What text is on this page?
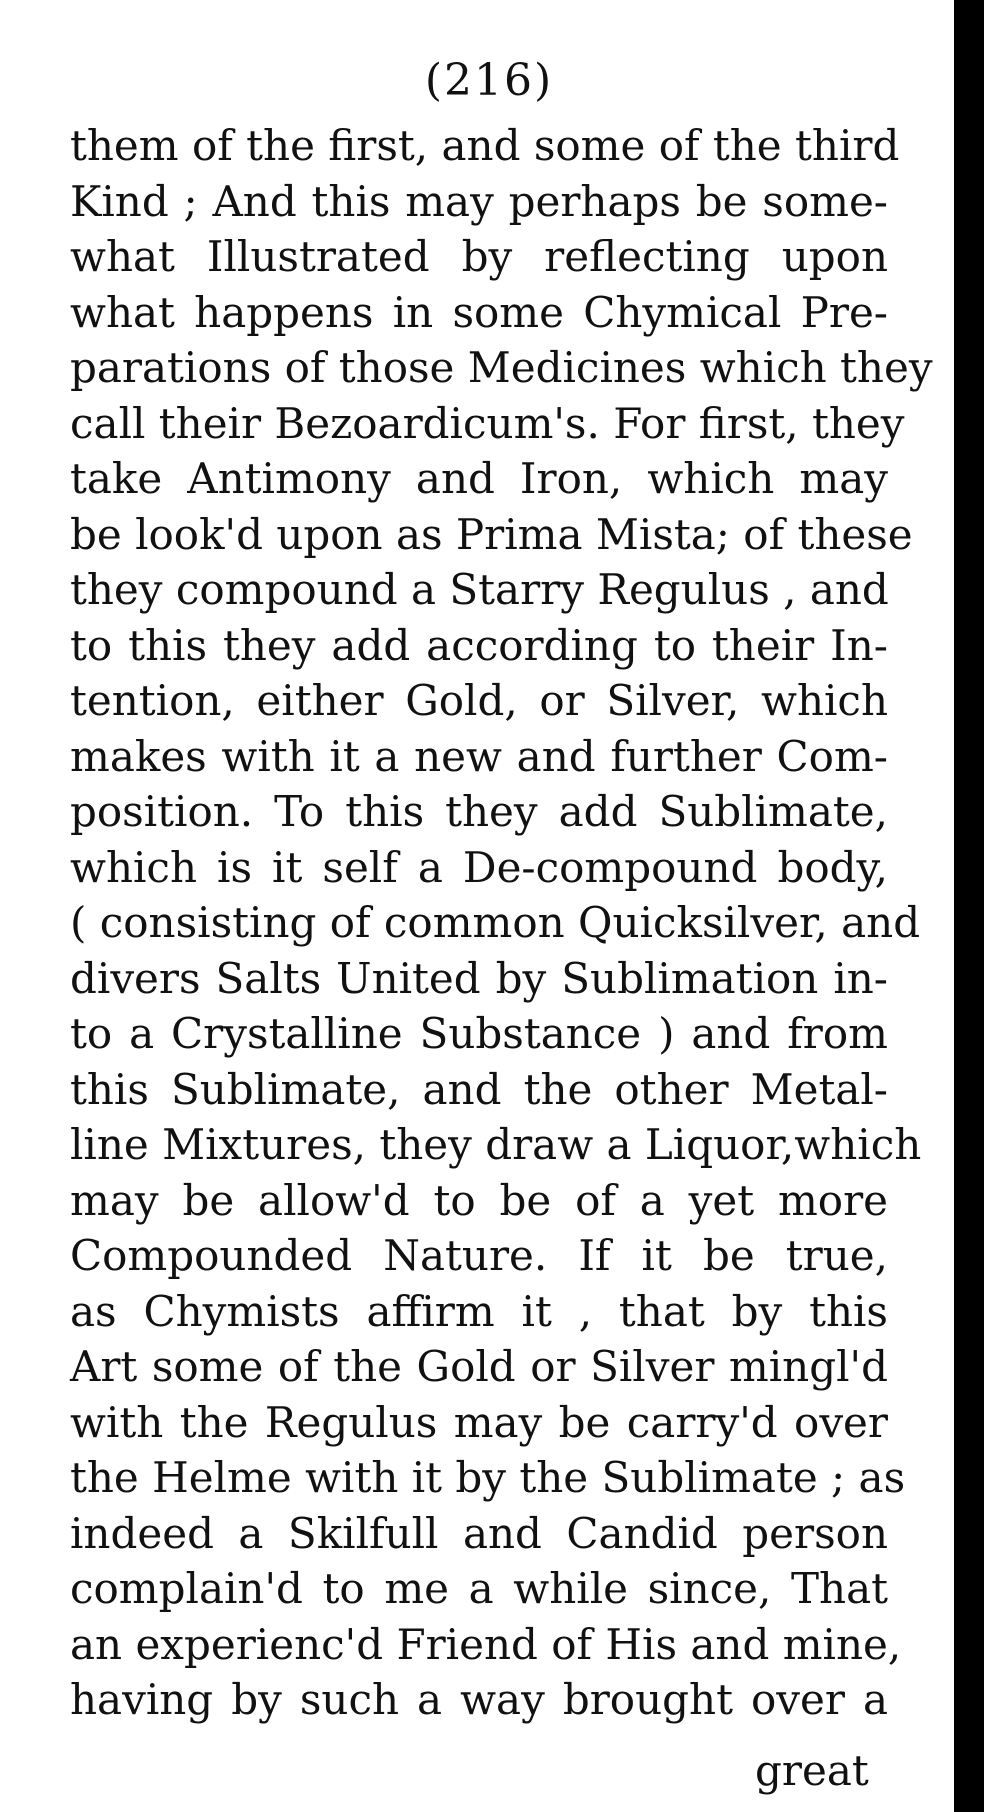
(216)
them of the first, and some of the third
Kind ; And this may perhaps be some-
what Illustrated by reflecting upon
what happens in some Chymical Pre-
parations of those Medicines which they
call their Bezoardicum's. For first, they
take Antimony and Iron, which may
be look'd upon as Prima Mista; of these
they compound a Starry Regulus , and
to this they add according to their In-
tention, either Gold, or Silver, which
makes with it a new and further Com-
position. To this they add Sublimate,
which is it self a De-compound body,
( consisting of common Quicksilver, and
divers Salts United by Sublimation in-
to a Crystalline Substance ) and from
this Sublimate, and the other Metal-
line Mixtures, they draw a Liquor,which
may be allow'd to be of a yet more
Compounded Nature. If it be true,
as Chymists affirm it , that by this
Art some of the Gold or Silver mingl'd
with the Regulus may be carry'd over
the Helme with it by the Sublimate ; as
indeed a Skilfull and Candid person
complain'd to me a while since, That
an experienc'd Friend of His and mine,
having by such a way brought over a
great
